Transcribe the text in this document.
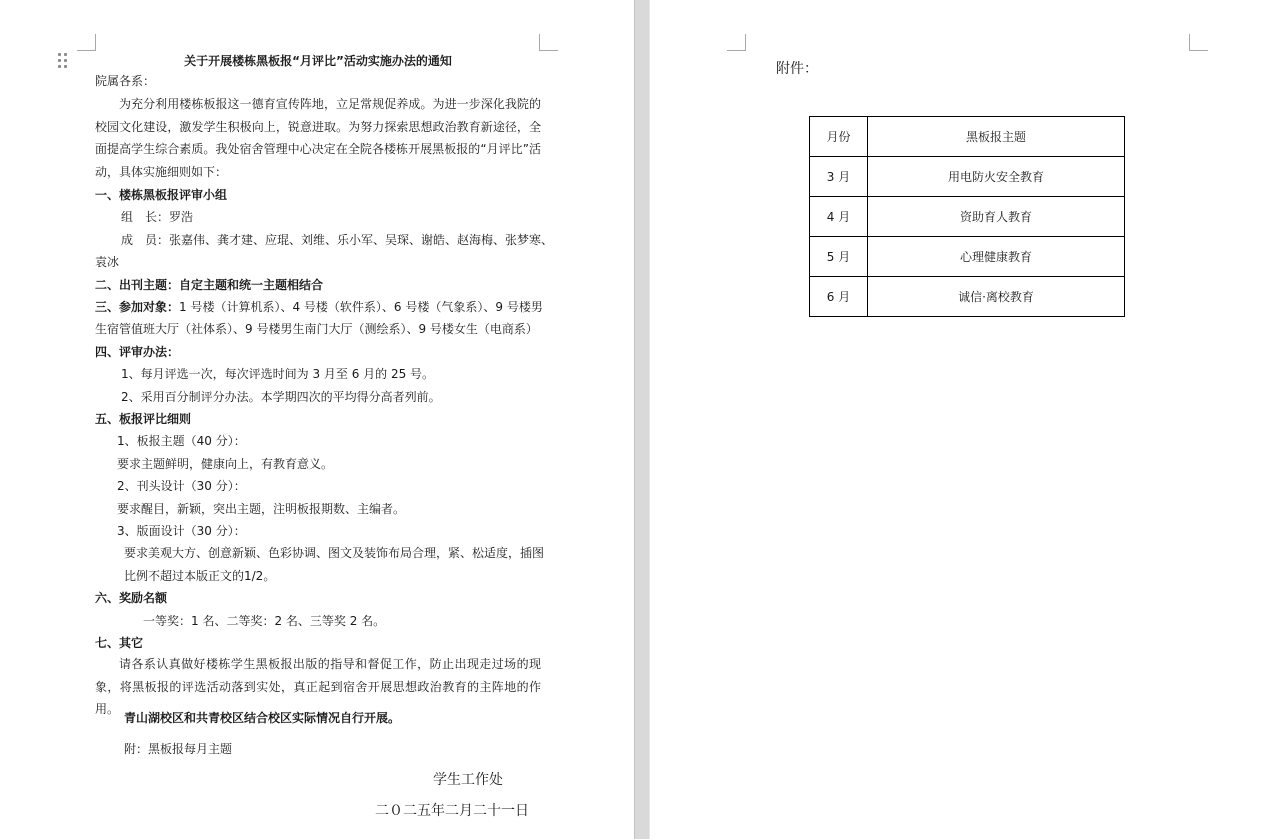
关于开展楼栋黑板报“月评比”活动实施办法的通知
院属各系：

为充分利用楼栋板报这一德育宣传阵地，立足常规促养成。为进一步深化我院的校园文化建设，激发学生积极向上，锐意进取。为努力探索思想政治教育新途径，全面提高学生综合素质。我处宿舍管理中心决定在全院各楼栋开展黑板报的“月评比”活动，具体实施细则如下：

一、楼栋黑板报评审小组
组　长：罗浩
成　员：张嘉伟、龚才建、应琨、刘维、乐小军、吴琛、谢皓、赵海梅、张梦寒、
袁冰
二、出刊主题：自定主题和统一主题相结合
三、参加对象：1 号楼（计算机系）、4 号楼（软件系）、6 号楼（气象系）、9 号楼男
生宿管值班大厅（社体系）、9 号楼男生南门大厅（测绘系）、9 号楼女生（电商系）
四、评审办法：
1、每月评选一次，每次评选时间为 3 月至 6 月的 25 号。
2、采用百分制评分办法。本学期四次的平均得分高者列前。
五、板报评比细则
1、板报主题（40 分）：
要求主题鲜明，健康向上，有教育意义。
2、刊头设计（30 分）：
要求醒目，新颖，突出主题，注明板报期数、主编者。
3、版面设计（30 分）：
要求美观大方、创意新颖、色彩协调、图文及装饰布局合理，紧、松适度，插图
比例不超过本版正文的1/2。
六、奖励名额
一等奖：1 名、二等奖：2 名、三等奖 2 名。
七、其它

请各系认真做好楼栋学生黑板报出版的指导和督促工作，防止出现走过场的现象，将黑板报的评选活动落到实处，真正起到宿舍开展思想政治教育的主阵地的作用。

青山湖校区和共青校区结合校区实际情况自行开展。
附：黑板报每月主题
学生工作处
二０二五年二月二十一日
附件：
月份	黑板报主题
3 月	用电防火安全教育
4 月	资助育人教育
5 月	心理健康教育
6 月	诚信·离校教育
